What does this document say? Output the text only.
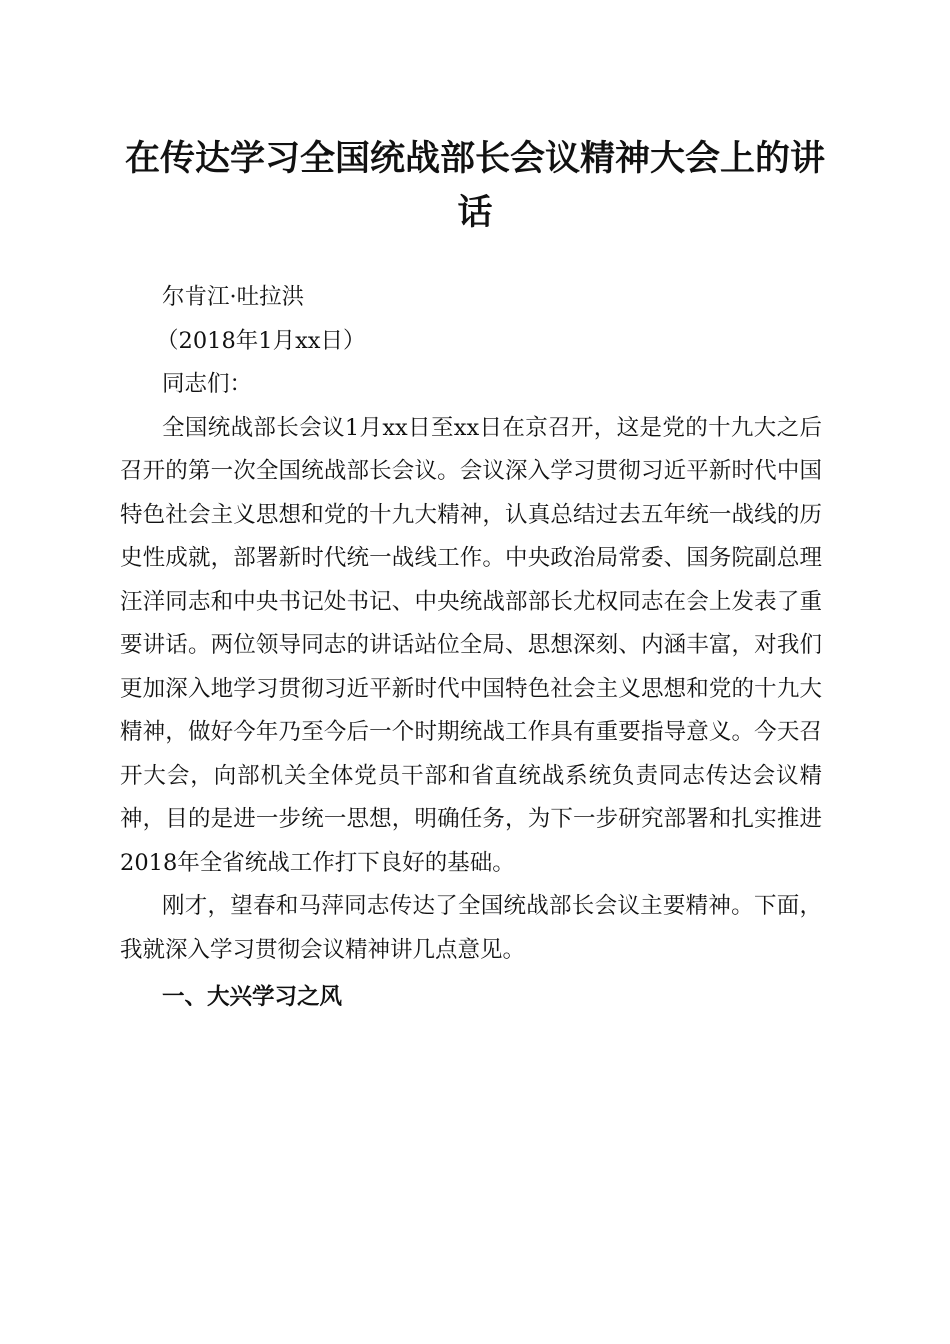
在传达学习全国统战部长会议精神大会上的讲话

尔肯江·吐拉洪

（2018年1月xx日）

同志们：

全国统战部长会议1月xx日至xx日在京召开，这是党的十九大之后召开的第一次全国统战部长会议。会议深入学习贯彻习近平新时代中国特色社会主义思想和党的十九大精神，认真总结过去五年统一战线的历史性成就，部署新时代统一战线工作。中央政治局常委、国务院副总理汪洋同志和中央书记处书记、中央统战部部长尤权同志在会上发表了重要讲话。两位领导同志的讲话站位全局、思想深刻、内涵丰富，对我们更加深入地学习贯彻习近平新时代中国特色社会主义思想和党的十九大精神，做好今年乃至今后一个时期统战工作具有重要指导意义。今天召开大会，向部机关全体党员干部和省直统战系统负责同志传达会议精神，目的是进一步统一思想，明确任务，为下一步研究部署和扎实推进2018年全省统战工作打下良好的基础。

刚才，望春和马萍同志传达了全国统战部长会议主要精神。下面，我就深入学习贯彻会议精神讲几点意见。

一、大兴学习之风
